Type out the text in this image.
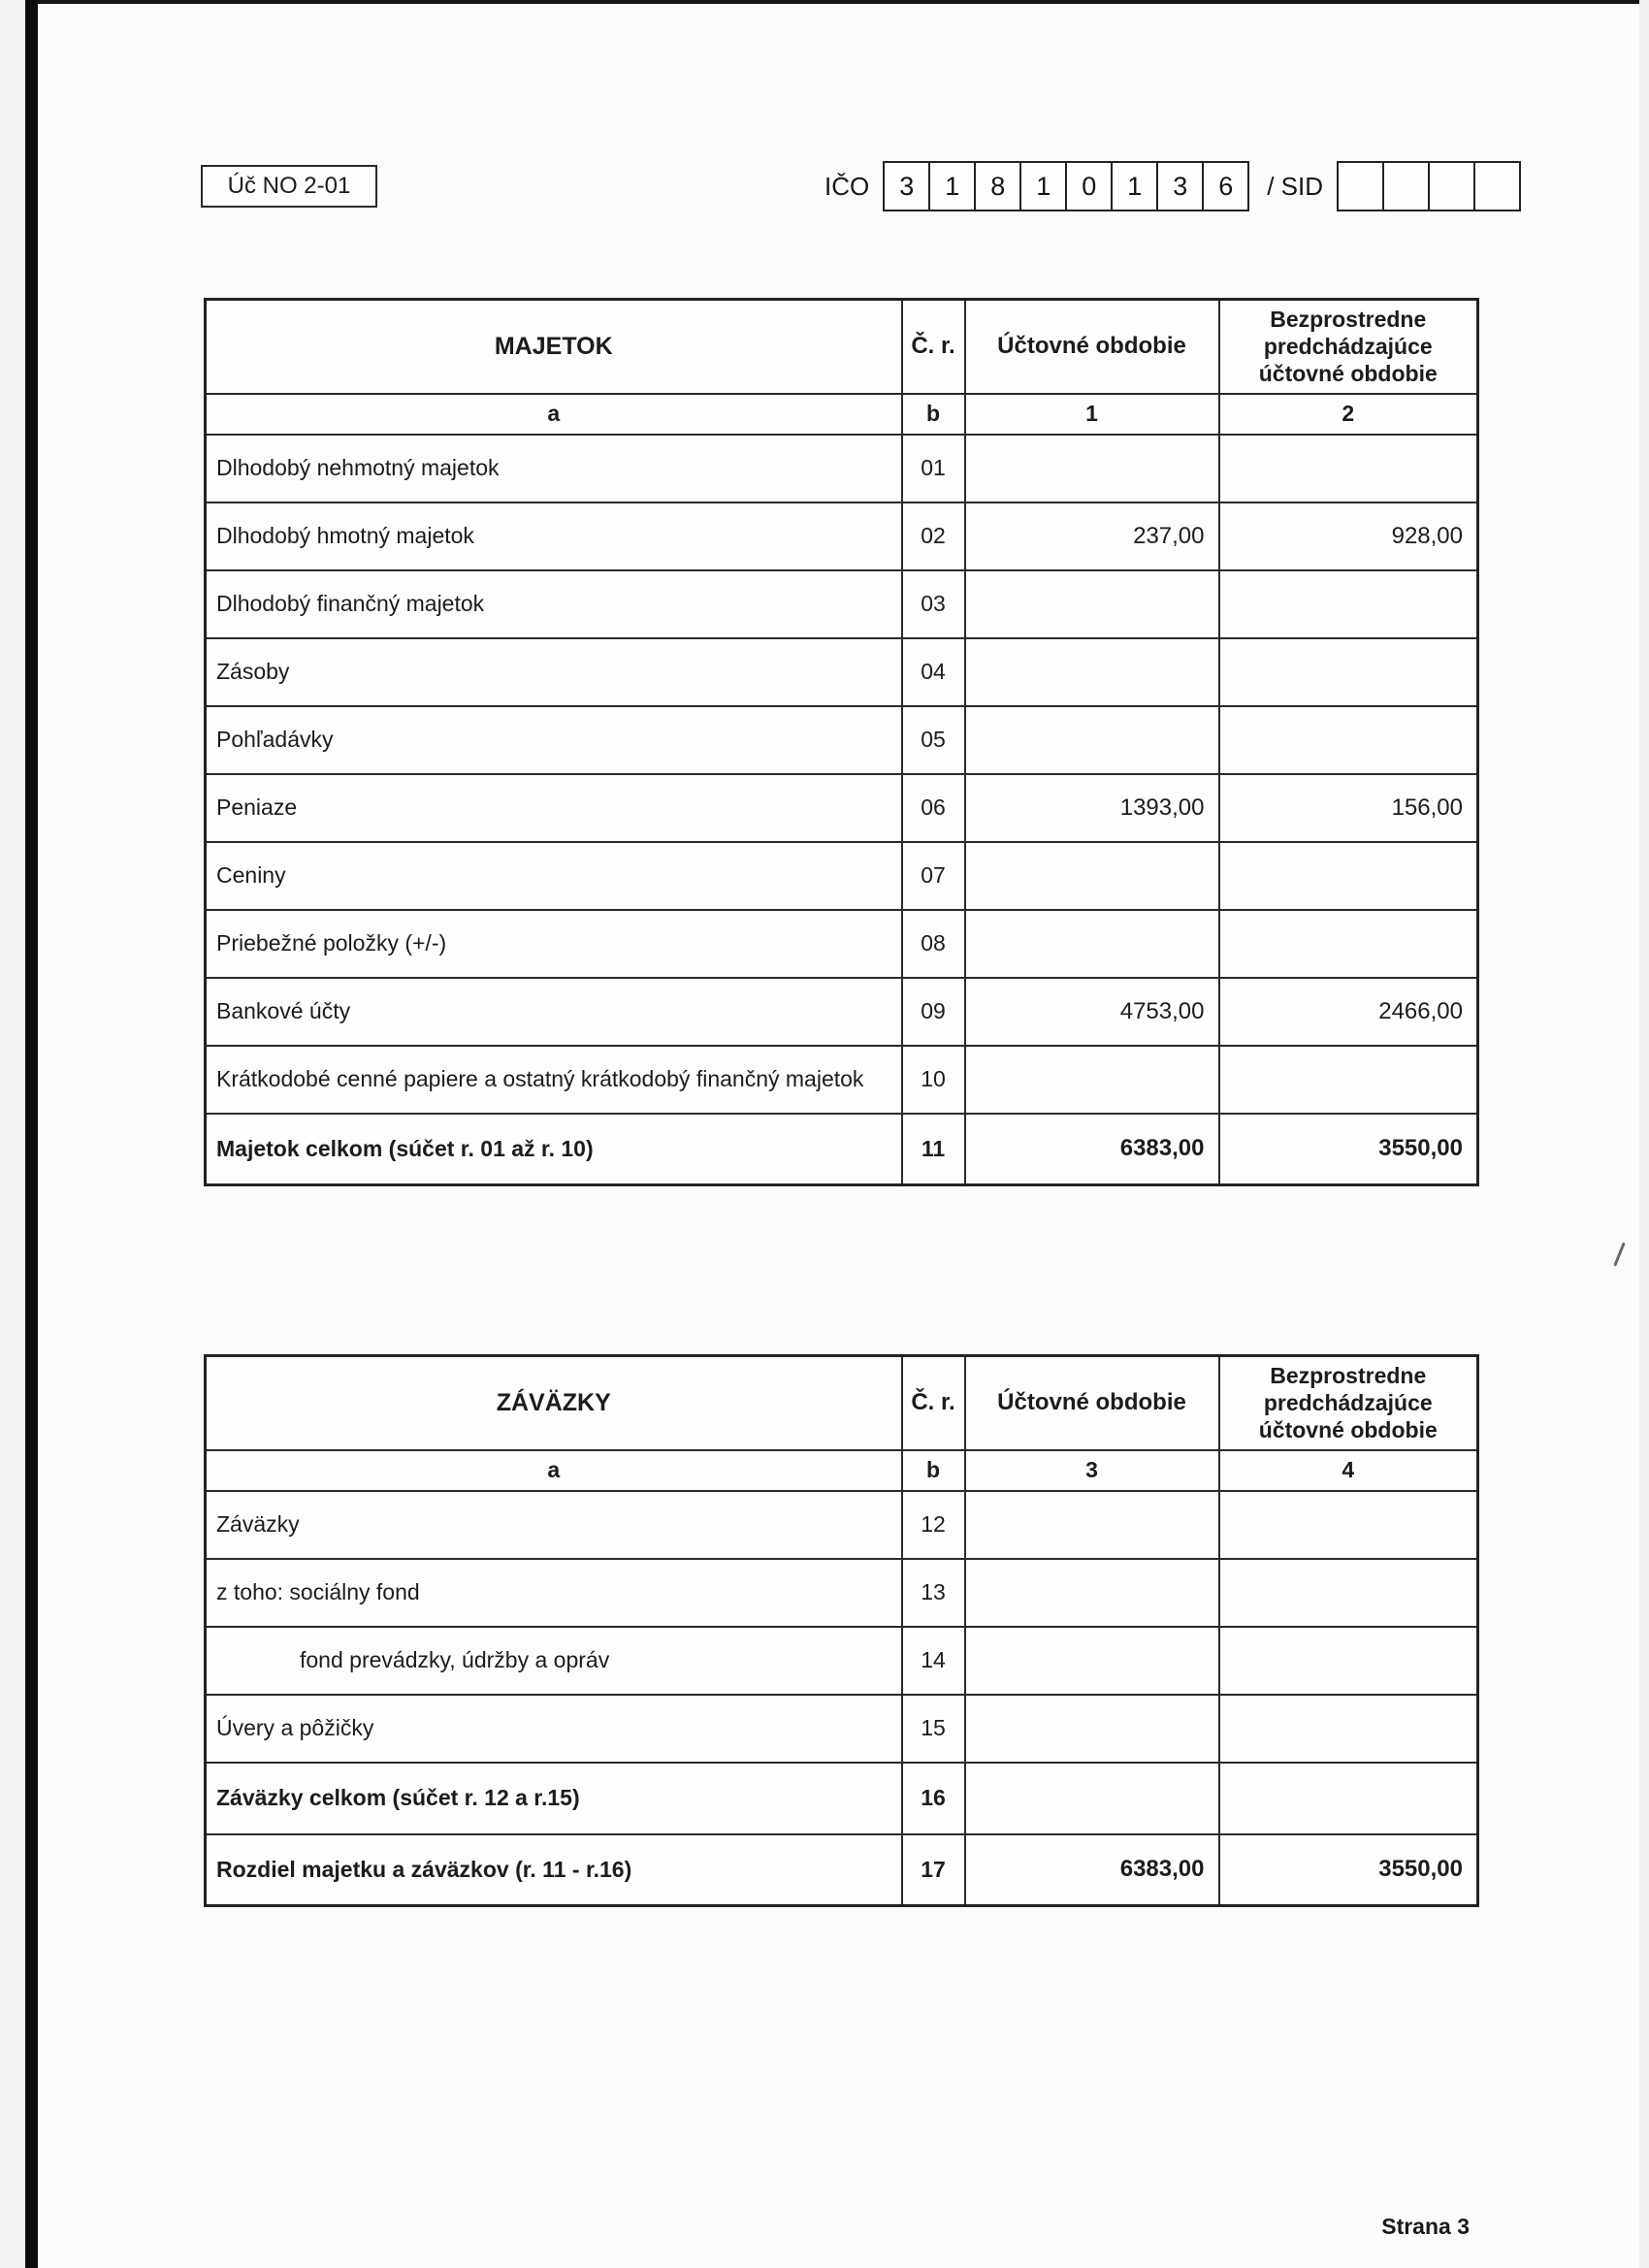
Úč NO 2-01	IČO	3	1	8	1	0	1	3	6	/ SID
MAJETOK	Č. r.	Účtovné obdobie	Bezprostredne predchádzajúce účtovné obdobie
a	b	1	2
Dlhodobý nehmotný majetok	01		
Dlhodobý hmotný majetok	02	237,00	928,00
Dlhodobý finančný majetok	03		
Zásoby	04		
Pohľadávky	05		
Peniaze	06	1393,00	156,00
Ceniny	07		
Priebežné položky (+/-)	08		
Bankové účty	09	4753,00	2466,00
Krátkodobé cenné papiere a ostatný krátkodobý finančný majetok	10		
Majetok celkom (súčet r. 01 až r. 10)	11	6383,00	3550,00
ZÁVÄZKY	Č. r.	Účtovné obdobie	Bezprostredne predchádzajúce účtovné obdobie
a	b	3	4
Záväzky	12		
z toho: sociálny fond	13		
fond prevádzky, údržby a opráv	14		
Úvery a pôžičky	15		
Záväzky celkom (súčet r. 12 a r.15)	16		
Rozdiel majetku a záväzkov (r. 11 - r.16)	17	6383,00	3550,00
Strana 3
